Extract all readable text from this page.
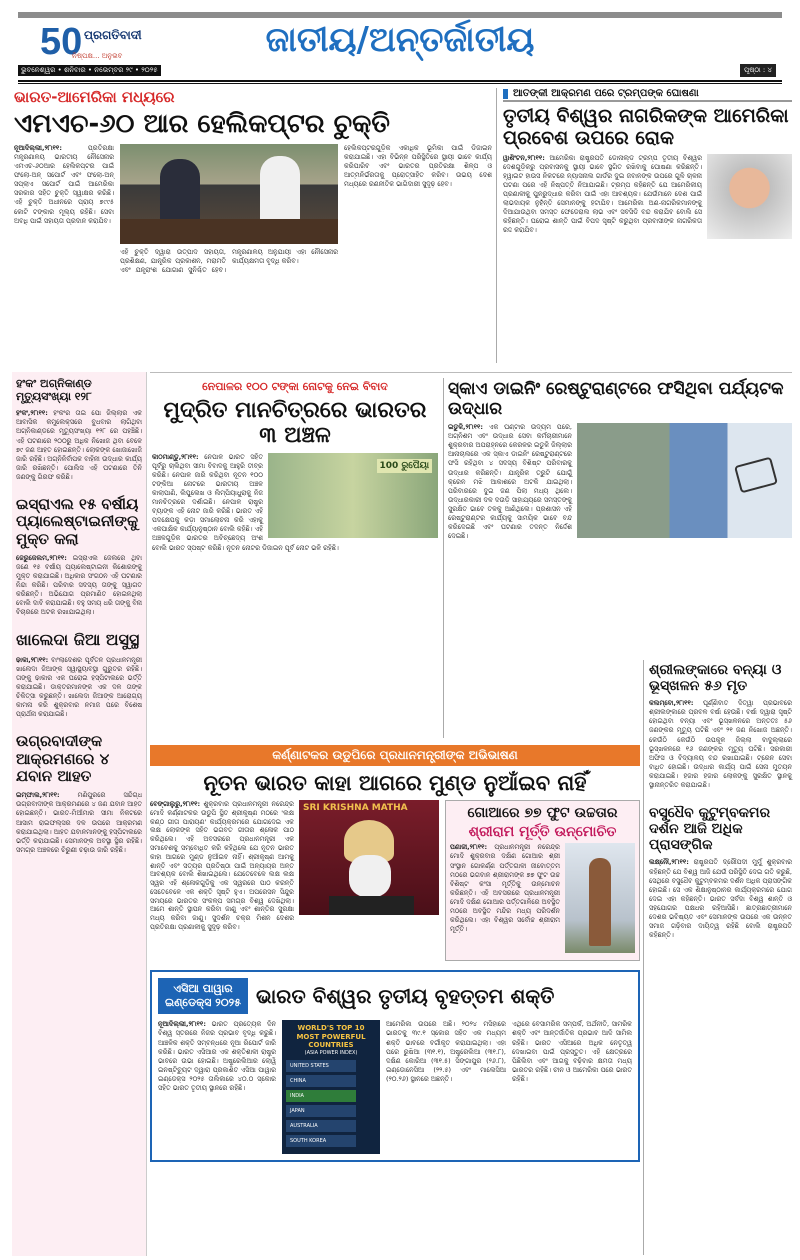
50 ପ୍ରଗତିବାଦୀ
ନିଷ୍ପକ୍ଷ... ଅନୁଭବ	ଜାତୀୟ/ଅନ୍ତର୍ଜାତୀୟ
ଭୁବନେଶ୍ୱର • ଶନିବାର • ନଭେମ୍ବର ୨୯ • ୨୦୨୫	ପୃଷ୍ଠା : ୪
ଭାରତ-ଆମେରିକା ମଧ୍ୟରେ
ଏମଏଚ-୬୦ ଆର ହେଲିକପ୍ଟର ଚୁକ୍ତି
ନୂଆଦିଲ୍ଲୀ,୨୮ା୧୧:	ପ୍ରତିରକ୍ଷା ମନ୍ତ୍ରଣାଳୟ ଭାରତୀୟ ନୌସେନାର ଏମଏଚ-୬୦ଆର ହେଲିକପ୍ଟର ପାଇଁ ଫଲୋ-ଅନ୍ ସପୋର୍ଟ ଏବଂ ଫଲୋ-ଅନ୍ ସପ୍ଲାଏ ସପୋର୍ଟ ପାଇଁ ଆମେରିକା ସରକାର ସହିତ ଚୁକ୍ତି ସ୍ୱାକ୍ଷର କରିଛି। ଏହି ଚୁକ୍ତି ଅଧୀନରେ ପ୍ରାୟ ୭୯୯୫ କୋଟି ଟଙ୍କାର ମୂଲ୍ୟ ରହିଛି। ସେବା ଅବଧି ପାଇଁ ସହାୟତା ପ୍ରଦାନ କରାଯିବ।
ଏହି ଚୁକ୍ତି ଦ୍ୱାରା ଉତ୍ପାଦ ସହାୟତା, ପ୍ରଶିକ୍ଷଣ, ଯାନ୍ତ୍ରିକ ପ୍ରକାଶନ, ମରାମତି ଏବଂ ଯନ୍ତ୍ରାଂଶ ଯୋଗାଣ ସୁନିଶ୍ଚିତ ହେବ। ମନ୍ତ୍ରଣାଳୟ ଅନୁଯାୟୀ ଏହା ନୌସେନାର କାର୍ଯ୍ୟକ୍ଷମତା ବୃଦ୍ଧି କରିବ।
ହେଲିକପ୍ଟରଗୁଡ଼ିକ ଏକାଧିକ ଭୂମିକା ପାଇଁ ଡିଜାଇନ କରାଯାଇଛି। ଏହା ବିଭିନ୍ନ ପରିସ୍ଥିତିରେ ସ୍ଥାୟୀ ଭାବେ କାର୍ଯ୍ୟ କରିପାରିବ ଏବଂ ଭାରତର ପ୍ରତିରକ୍ଷା ଶିଳ୍ପ ଓ ଆତ୍ମନିର୍ଭରତାକୁ ପ୍ରୋତ୍ସାହିତ କରିବ। ଉଭୟ ଦେଶ ମଧ୍ୟରେ ରଣନୀତିକ ଭାଗିଦାରୀ ସୁଦୃଢ଼ ହେବ।
ଆତଙ୍କୀ ଆକ୍ରମଣ ପରେ ଟ୍ରମ୍ପଙ୍କ ଘୋଷଣା
ତୃତୀୟ ବିଶ୍ୱର ନାଗରିକଙ୍କ ଆମେରିକା ପ୍ରବେଶ ଉପରେ ରୋକ
ୱାଶିଂଟନ,୨୮ା୧୧: ଆମେରିକା ରାଷ୍ଟ୍ରପତି ଡୋନାଲ୍ଡ ଟ୍ରମ୍ପ ତୃତୀୟ ବିଶ୍ୱର ଦେଶଗୁଡ଼ିକରୁ ପ୍ରବାସନକୁ ସ୍ଥାୟୀ ଭାବେ ସ୍ଥଗିତ ରଖିବାକୁ ଘୋଷଣା କରିଛନ୍ତି। ହ୍ୱାଇଟ ହାଉସ ନିକଟରେ ନ୍ୟାସନାଲ ଗାର୍ଡର ଦୁଇ ଜବାନଙ୍କ ଉପରେ ଗୁଳି ଚାଳନା ଘଟଣା ପରେ ଏହି ନିଷ୍ପତ୍ତି ନିଆଯାଇଛି। ଟ୍ରମ୍ପ କହିଛନ୍ତି ଯେ ଆମେରିକୀୟ ପ୍ରଣାଳୀକୁ ପୁନରୁଦ୍ଧାର କରିବା ପାଇଁ ଏହା ଆବଶ୍ୟକ। ଯେଉଁମାନେ ଦେଶ ପାଇଁ ଲାଭଦାୟକ ନୁହଁନ୍ତି ସେମାନଙ୍କୁ ହଟାଯିବ। ଆମେରିକା ଅଣ-ନାଗରିକମାନଙ୍କୁ ଦିଆଯାଉଥିବା ସମସ୍ତ ଫେଡେରାଲ ଲାଭ ଏବଂ ସବସିଡି ବନ୍ଦ କରାଯିବ ବୋଲି ସେ କହିଛନ୍ତି। ଘରୋଇ ଶାନ୍ତି ପାଇଁ ବିପଦ ସୃଷ୍ଟି କରୁଥିବା ପ୍ରବାସୀଙ୍କ ନାଗରିକତା ରଦ୍ଦ କରାଯିବ।
ହଂକଂ ଅଗ୍ନିକାଣ୍ଡ ମୃତ୍ୟୁସଂଖ୍ୟା ୧୨୮
ହଂକଂ,୨୮ା୧୧: ହଂକଂର ତାଇ ପୋ ଜିଲ୍ଲାର ଏକ ଆବାସିକ କମ୍ପ୍ଲେକ୍ସରେ ବୁଧବାର ଲାଗିଥିବା ଅଗ୍ନିକାଣ୍ଡରେ ମୃତ୍ୟୁସଂଖ୍ୟା ୧୨୮ ରେ ପହଞ୍ଚିଛି। ଏହି ଘଟଣାରେ ୨୦୦ରୁ ଅଧିକ ନିଖୋଜ ଥିବା ବେଳେ ୭୯ ଜଣ ଆହତ ହୋଇଛନ୍ତି। ଲୋକଙ୍କ ଖୋଜାଖୋଜି ଜାରି ରହିଛି। ଅଗ୍ନିନିର୍ବାପକ ବାହିନୀ ଉଦ୍ଧାର କାର୍ଯ୍ୟ ଜାରି ରଖିଛନ୍ତି। ପୋଲିସ ଏହି ଘଟଣାରେ ତିନି ଜଣଙ୍କୁ ଗିରଫ କରିଛି।
ଇସ୍ରାଏଲ ୧୫ ବର୍ଷୀୟ ପ୍ୟାଲେଷ୍ଟାଇନୀଙ୍କୁ ମୁକ୍ତ କଲା
ଜେରୁଜେଲମ,୨୮ା୧୧: ଇସ୍ରାଏଲ ଜେଲରେ ଥିବା ଜଣେ ୧୫ ବର୍ଷୀୟ ପ୍ୟାଲେଷ୍ଟାଇନୀ କିଶୋରଙ୍କୁ ମୁକ୍ତ କରାଯାଇଛି। ଅଧିକାର ସଂଗଠନ ଏହି ଘଟଣାର ନିନ୍ଦା କରିଛି। ପରିବାର ସଦସ୍ୟ ତାଙ୍କୁ ସ୍ୱାଗତ କରିଛନ୍ତି। ଅଭିଯୋଗ ପ୍ରମାଣିତ ହୋଇନଥିଲା ବୋଲି ଦାବି କରାଯାଇଛି। ବହୁ ସମୟ ଧରି ତାଙ୍କୁ ବିନା ବିଚାରରେ ଅଟକ ରଖାଯାଇଥିଲା।
ଖାଲେଦା ଜିଆ ଅସୁସ୍ଥ
ଢାକା,୨୮ା୧୧: ବାଂଲାଦେଶର ପୂର୍ବତନ ପ୍ରଧାନମନ୍ତ୍ରୀ ଖାଲେଦା ଜିଆଙ୍କ ସ୍ୱାସ୍ଥ୍ୟାବସ୍ଥା ଗୁରୁତର ରହିଛି। ତାଙ୍କୁ ଢାକାର ଏକ ଘରୋଇ ହସ୍ପିଟାଲରେ ଭର୍ତ୍ତି କରାଯାଇଛି। ଡାକ୍ତରମାନଙ୍କ ଏକ ଦଳ ତାଙ୍କ ଚିକିତ୍ସା କରୁଛନ୍ତି। ଖାଲେଦା ଜିଆଙ୍କ ଆରୋଗ୍ୟ କାମନା କରି ଶୁକ୍ରବାର ନମାଜ ପରେ ବିଶେଷ ପ୍ରାର୍ଥନା କରାଯାଇଛି।
ଉଗ୍ରବାଦୀଙ୍କ ଆକ୍ରମଣରେ ୪ ଯବାନ ଆହତ
ଇମ୍ଫାଲ,୨୮ା୧୧:	ମଣିପୁରରେ ସନ୍ଦିଗ୍ଧ ଉଗ୍ରବାଦୀଙ୍କ ଆକ୍ରମଣରେ ୪ ଜଣ ଯବାନ ଆହତ ହୋଇଛନ୍ତି। ଭାରତ-ମିଆଁମାର ସୀମା ନିକଟରେ ଆସାମ ରାଇଫଲ୍ସର ଦଳ ଉପରେ ଆକ୍ରମଣ କରାଯାଇଥିଲା। ଆହତ ଯବାନମାନଙ୍କୁ ହସ୍ପିଟାଲରେ ଭର୍ତ୍ତି କରାଯାଇଛି। ସେମାନଙ୍କ ଅବସ୍ଥା ସ୍ଥିର ରହିଛି। ସମଗ୍ର ଅଞ୍ଚଳରେ ଚିରୁଣୀ ଚଢ଼ାଉ ଜାରି ରହିଛି।
ନେପାଳର ୧୦୦ ଟଙ୍କା ନୋଟକୁ ନେଇ ବିବାଦ
ମୁଦ୍ରିତ ମାନଚିତ୍ରରେ ଭାରତର ୩ ଅଞ୍ଚଳ
100 ରୁପୈୟା
କାଠମାଣ୍ଡୁ,୨୮ା୧୧: ନେପାଳ ଭାରତ ସହିତ ପୂର୍ବରୁ ଚାଲିଥିବା ସୀମା ବିବାଦକୁ ଆହୁରି ତୀବ୍ର କରିଛି। ନେପାଳ ଜାରି କରିଥିବା ନୂତନ ୧୦୦ ଟଙ୍କିଆ ନୋଟରେ ଭାରତୀୟ ଅଞ୍ଚଳ କାଲାପାଣି, ଲିପୁଲେଖ ଓ ଲିମ୍ପିୟାଧୁରାକୁ ନିଜ ମାନଚିତ୍ରରେ ଦର୍ଶାଇଛି। ନେପାଳ ରାଷ୍ଟ୍ର ବ୍ୟାଙ୍କ ଏହି ନୋଟ ଜାରି କରିଛି। ଭାରତ ଏହି ପଦକ୍ଷେପକୁ କଡ଼ା ସମାଲୋଚନା କରି ଏହାକୁ ଏକପାକ୍ଷିକ କାର୍ଯ୍ୟାନୁଷ୍ଠାନ ବୋଲି କହିଛି। ଏହି ଅଞ୍ଚଳଗୁଡ଼ିକ ଭାରତର ଅବିଚ୍ଛେଦ୍ୟ ଅଂଶ ବୋଲି ଭାରତ ସ୍ପଷ୍ଟ କରିଛି। ନୂତନ ନୋଟର ଡିଜାଇନ ପୂର୍ବ ନୋଟ ଭଳି ରହିଛି।
ସ୍କାଏ ଡାଇନିଂ ରେଷ୍ଟୁରାଣ୍ଟରେ ଫସିଥିବା ପର୍ଯ୍ୟଟକ ଉଦ୍ଧାର
ଇଡୁକି,୨୮ା୧୧: ଏକ ଘଣ୍ଟାର ଉଦ୍ୟମ ପରେ, ଅଗ୍ନିଶମ ଏବଂ ଉଦ୍ଧାର ସେବା କର୍ମଚାରୀମାନେ ଶୁକ୍ରବାର ଅପରାହ୍ନରେ କେରଳର ଇଡୁକି ଜିଲ୍ଲାର ଆନାଚାଲରେ ଏକ ସ୍କାଏ ଡାଇନିଂ ରେଷ୍ଟୁରାଣ୍ଟରେ ଫସି ରହିଥିବା ୪ ସଦସ୍ୟ ବିଶିଷ୍ଟ ପରିବାରକୁ ଉଦ୍ଧାର କରିଛନ୍ତି। ଯାନ୍ତ୍ରିକ ତ୍ରୁଟି ଯୋଗୁଁ କ୍ରେନ ମଝି ଆକାଶରେ ଅଟକି ଯାଇଥିଲା। ପରିବାରରେ ଦୁଇ ଜଣ ପିଲା ମଧ୍ୟ ଥିଲେ। ଉଦ୍ଧାରକାରୀ ଦଳ ଦଉଡ଼ି ସାହାଯ୍ୟରେ ସମସ୍ତଙ୍କୁ ସୁରକ୍ଷିତ ଭାବେ ତଳକୁ ଆଣିଥିଲେ। ପ୍ରଶାସନ ଏହି ରେଷ୍ଟୁରାଣ୍ଟର କାର୍ଯ୍ୟକୁ ସାମୟିକ ଭାବେ ବନ୍ଦ କରିଦେଇଛି ଏବଂ ଘଟଣାର ତଦନ୍ତ ନିର୍ଦ୍ଦେଶ ଦେଇଛି।
କର୍ଣ୍ଣାଟକର ଉଡୁପିରେ ପ୍ରଧାନମନ୍ତ୍ରୀଙ୍କ ଅଭିଭାଷଣ
ନୂତନ ଭାରତ କାହା ଆଗରେ ମୁଣ୍ଡ ନୁଆଁଇବ ନାହିଁ
SRI KRISHNA MATHA
ବେଙ୍ଗାଲୁରୁ,୨୮ା୧୧: ଶୁକ୍ରବାର ପ୍ରଧାନମନ୍ତ୍ରୀ ନରେନ୍ଦ୍ର ମୋଦି କର୍ଣ୍ଣାଟକର ଉଡୁପି ସ୍ଥିତ ଶ୍ରୀକୃଷ୍ଣ ମଠରେ 'ଲକ୍ଷ କଣ୍ଠ ଗୀତା ପାରାୟଣ' କାର୍ଯ୍ୟକ୍ରମରେ ଯୋଗଦେଇ ଏକ ଲକ୍ଷ ଲୋକଙ୍କ ସହିତ ଭଗବତ ଗୀତାର ଶ୍ଳୋକ ପାଠ କରିଥିଲେ। ଏହି ଅବସରରେ ପ୍ରଧାନମନ୍ତ୍ରୀ ଏକ ସମାବେଶକୁ ସମ୍ବୋଧିତ କରି କହିଥିଲେ ଯେ ନୂତନ ଭାରତ କାହା ଆଗରେ ମୁଣ୍ଡ ନୁଆଁଇବ ନାହିଁ। ଶ୍ରୀକୃଷ୍ଣ ଆମକୁ ଶାନ୍ତି ଏବଂ ସତ୍ୟର ପ୍ରତିଷ୍ଠା ପାଇଁ ଅନ୍ୟାୟର ଅନ୍ତ ଆବଶ୍ୟକ ବୋଲି ଶିଖାଇଥିଲେ। ଯେତେବେଳେ ଲକ୍ଷ ଲକ୍ଷ ସ୍ୱର ଏହି ଶ୍ଳୋକଗୁଡ଼ିକୁ ଏକ ସ୍ୱରରେ ପାଠ କରନ୍ତି ସେତେବେଳେ ଏକ ଶକ୍ତି ସୃଷ୍ଟି ହୁଏ। ଅପରେସନ ସିନ୍ଦୁର ସମୟରେ ଭାରତର ସଂକଳ୍ପ ସମଗ୍ର ବିଶ୍ୱ ଦେଖିଥିଲା। ଆମେ ଶାନ୍ତି ସ୍ଥାପନ କରିବା ଜାଣୁ ଏବଂ ଶାନ୍ତିର ସୁରକ୍ଷା ମଧ୍ୟ କରିବା ଜାଣୁ। ସୁଦର୍ଶନ ଚକ୍ର ମିଶନ ଦେଶର ପ୍ରତିରକ୍ଷା ପ୍ରଣାଳୀକୁ ସୁଦୃଢ଼ କରିବ।
ଗୋଆରେ ୭୭ ଫୁଟ ଉଚ୍ଚତାର
ଶ୍ରୀରାମ ମୂର୍ତ୍ତି ଉନ୍ମୋଚିତ
ପଣାଜୀ,୨୮ା୧୧: ପ୍ରଧାନମନ୍ତ୍ରୀ ନରେନ୍ଦ୍ର ମୋଦି ଶୁକ୍ରବାର ଦକ୍ଷିଣ ଗୋଆର ଶ୍ରୀ ସଂସ୍ଥାନ ଗୋକର୍ଣ୍ଣ ପର୍ତ୍ତଗାଳୀ ଜୀବୋତ୍ତମ ମଠରେ ଭଗବାନ ଶ୍ରୀରାମଙ୍କ ୭୭ ଫୁଟ ଉଚ୍ଚ ବିଶିଷ୍ଟ କଂସା ମୂର୍ତ୍ତିକୁ ଉନ୍ମୋଚନ କରିଛନ୍ତି। ଏହି ଅବସରରେ ପ୍ରଧାନମନ୍ତ୍ରୀ ମୋଦି ଦକ୍ଷିଣ ଗୋଆର ପର୍ତ୍ତଗାଳିରେ ଅବସ୍ଥିତ ମଠରେ ଅବସ୍ଥିତ ମନ୍ଦିର ମଧ୍ୟ ପରିଦର୍ଶନ କରିଥିଲେ। ଏହା ବିଶ୍ୱର ସର୍ବୋଚ୍ଚ ଶ୍ରୀରାମ ମୂର୍ତ୍ତି।
ଏସିଆ ପାୱାର ଇଣ୍ଡେକ୍ସ ୨୦୨୫ ଭାରତ ବିଶ୍ୱର ତୃତୀୟ ବୃହତ୍ତମ ଶକ୍ତି
ନୂଆଦିଲ୍ଲୀ,୨୮ା୧୧: ଭାରତ ପ୍ରତ୍ୟେକ ଦିନ ବିଶ୍ୱ ସ୍ତରରେ ନିଜର ପ୍ରଭାବ ବୃଦ୍ଧି କରୁଛି। ଆଞ୍ଚଳିକ ଶକ୍ତି ସମ୍ବନ୍ଧରେ ନୂଆ ରିପୋର୍ଟ ଜାରି କରିଛି। ଭାରତ ଏସିଆର ଏକ ଶକ୍ତିଶାଳୀ ରାଷ୍ଟ୍ର ଭାବରେ ଉଭା ହୋଇଛି। ଅଷ୍ଟ୍ରେଲିଆର ଲୋୱି ଇନଷ୍ଟିଚ୍ୟୁଟ ଦ୍ୱାରା ପ୍ରକାଶିତ ଏସିଆ ପାୱାର ଇଣ୍ଡେକ୍ସ ୨୦୨୫ ତାଲିକାରେ ୪୦.୦ ସ୍କୋର ସହିତ ଭାରତ ତୃତୀୟ ସ୍ଥାନରେ ରହିଛି।
WORLD'S TOP 10 MOST POWERFUL COUNTRIES
(ASIA POWER INDEX)
UNITED STATES
CHINA
INDIA
JAPAN
AUSTRALIA
SOUTH KOREA
ଆମେରିକା ଉପରେ ଅଛି। ୨୦୨୪ ମସିହାରେ ଭାରତକୁ ୩୯.୧ ସ୍କୋର ସହିତ ଏକ ମଧ୍ୟମ ଶକ୍ତି ଭାବରେ ବର୍ଗୀକୃତ କରାଯାଇଥିଲା। ଏହା ପରେ ରୁଷିଆ (୩୧.୧), ଅଷ୍ଟ୍ରେଲିଆ (୩୧.୮), ଦକ୍ଷିଣ କୋରିଆ (୩୧.୫) ସିଙ୍ଗାପୁର (୨୬.୮), ଇଣ୍ଡୋନେସିଆ (୨୨.୫) ଏବଂ ମାଲେସିଆ (୨୦.୨୬) ସ୍ଥାନରେ ଅଛନ୍ତି।
ଏଥିରେ ବେସାମରିକ ସମ୍ପର୍କ, ଅର୍ଥନୀତି, ସାମରିକ ଶକ୍ତି ଏବଂ ଆନ୍ତର୍ଜାତିକ ପ୍ରଭାବ ଆଦି ସାମିଲ ରହିଛି। ଭାରତ ଏସିଆରେ ଅଧିକ ନେତୃତ୍ୱ ଦେଖାଇବା ପାଇଁ ପ୍ରସ୍ତୁତ। ଏହି କ୍ଷେତ୍ରରେ ପିଛିଲିବା ଏବଂ ଆଗକୁ ବଢ଼ିବାର କ୍ଷମତା ମଧ୍ୟ ଭାରତର ରହିଛି। ଚୀନ ଓ ଆମେରିକା ପରେ ଭାରତ ରହିଛି।
ଶ୍ରୀଲଙ୍କାରେ ବନ୍ୟା ଓ ଭୂସ୍ଖଳନ ୫୬ ମୃତ
କଲମ୍ବୋ,୨୮ା୧୧: ଘୂର୍ଣ୍ଣିବାତ ଦିତ୍ୱା ପ୍ରଭାବରେ ଶ୍ରୀଲଙ୍କାରେ ପ୍ରବଳ ବର୍ଷା ହେଉଛି। ବର୍ଷା ଦ୍ୱାରା ସୃଷ୍ଟି ହୋଇଥିବା ବନ୍ୟା ଏବଂ ଭୂସ୍ଖଳନରେ ଅନ୍ତତଃ ୫୬ ଜଣଙ୍କର ମୃତ୍ୟୁ ଘଟିଛି ଏବଂ ୨୧ ଜଣ ନିଖୋଜ ଅଛନ୍ତି। କେଉଁଠି କେଉଁଠି ଉପକୂଳ ଜିଲ୍ଲା ବାଦୁଲ୍ଲାରେ ଭୂସ୍ଖଳନରେ ୧୬ ଜଣଙ୍କର ମୃତ୍ୟୁ ଘଟିଛି। ସରକାରୀ ଅଫିସ ଓ ବିଦ୍ୟାଳୟ ବନ୍ଦ ରଖାଯାଇଛି। ଟ୍ରେନ ସେବା ବାଧିତ ହୋଇଛି। ଉଦ୍ଧାର କାର୍ଯ୍ୟ ପାଇଁ ସେନା ମୁତୟନ କରାଯାଇଛି। ହଜାର ହଜାର ଲୋକଙ୍କୁ ସୁରକ୍ଷିତ ସ୍ଥାନକୁ ସ୍ଥାନାନ୍ତରିତ କରାଯାଇଛି।
ବସୁଧୈବ କୁଟୁମ୍ବକମର ଦର୍ଶନ ଆଜି ଅଧିକ ପ୍ରାସଙ୍ଗିକ
ଲକ୍ଷ୍ନୌ,୨୮ା୧୧: ରାଷ୍ଟ୍ରପତି ଦ୍ରୌପଦୀ ମୁର୍ମୁ ଶୁକ୍ରବାର କହିଛନ୍ତି ଯେ ବିଶ୍ୱ ଆଜି ଯେଉଁ ପରିସ୍ଥିତି ଦେଇ ଗତି କରୁଛି, ସେଥିରେ ବସୁଧୈବ କୁଟୁମ୍ବକମର ଦର୍ଶନ ଅଧିକ ପ୍ରାସଙ୍ଗିକ ହୋଇଛି। ସେ ଏକ ଶିକ୍ଷାନୁଷ୍ଠାନର କାର୍ଯ୍ୟକ୍ରମରେ ଯୋଗ ଦେଇ ଏହା କହିଛନ୍ତି। ଭାରତ ସର୍ବଦା ବିଶ୍ୱ ଶାନ୍ତି ଓ ସହଯୋଗର ପକ୍ଷଧର ରହିଆସିଛି। ଛାତ୍ରଛାତ୍ରୀମାନେ ଦେଶର ଭବିଷ୍ୟତ ଏବଂ ସେମାନଙ୍କ ଉପରେ ଏକ ଉନ୍ନତ ସମାଜ ଗଢ଼ିବାର ଦାୟିତ୍ୱ ରହିଛି ବୋଲି ରାଷ୍ଟ୍ରପତି କହିଛନ୍ତି।
